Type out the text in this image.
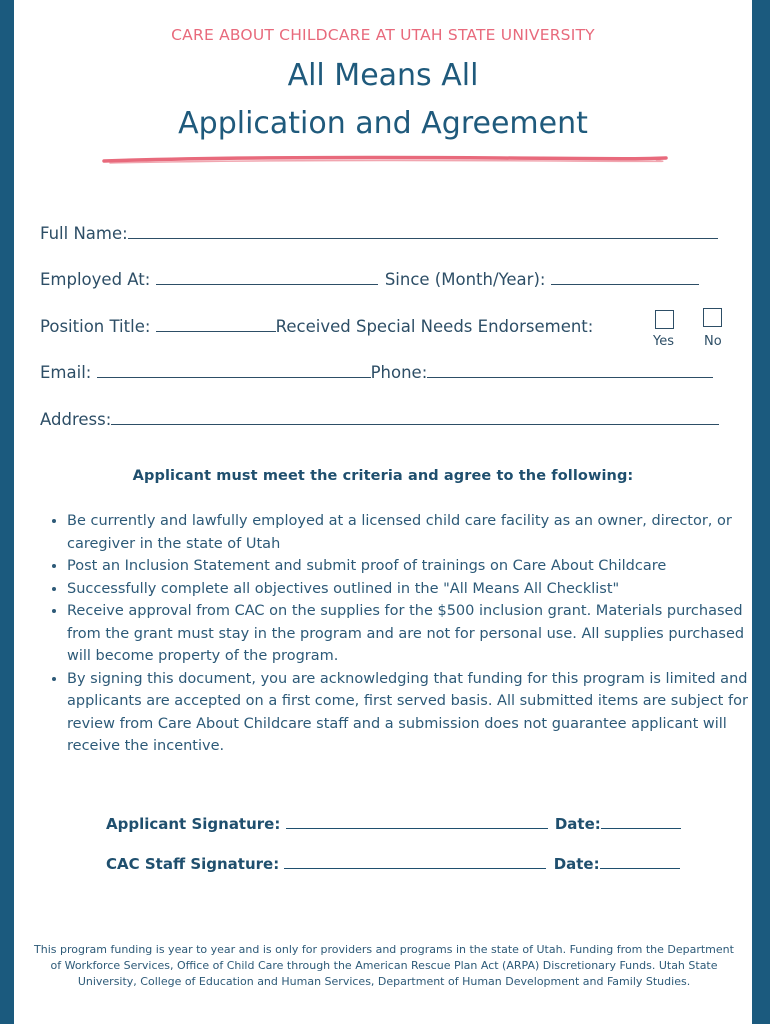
CARE ABOUT CHILDCARE AT UTAH STATE UNIVERSITY
All Means All
Application and Agreement
Full Name:
Employed At:	Since (Month/Year):
Position Title:	Received Special Needs Endorsement:
Yes No
Email:	Phone:
Address:
Applicant must meet the criteria and agree to the following:
• Be currently and lawfully employed at a licensed child care facility as an owner, director, or caregiver in the state of Utah
• Post an Inclusion Statement and submit proof of trainings on Care About Childcare
• Successfully complete all objectives outlined in the "All Means All Checklist"
• Receive approval from CAC on the supplies for the $500 inclusion grant. Materials purchased from the grant must stay in the program and are not for personal use. All supplies purchased will become property of the program.
• By signing this document, you are acknowledging that funding for this program is limited and applicants are accepted on a first come, first served basis. All submitted items are subject for review from Care About Childcare staff and a submission does not guarantee applicant will receive the incentive.
Applicant Signature:	Date:
CAC Staff Signature:	Date:
This program funding is year to year and is only for providers and programs in the state of Utah. Funding from the Department of Workforce Services, Office of Child Care through the American Rescue Plan Act (ARPA) Discretionary Funds. Utah State University, College of Education and Human Services, Department of Human Development and Family Studies.
